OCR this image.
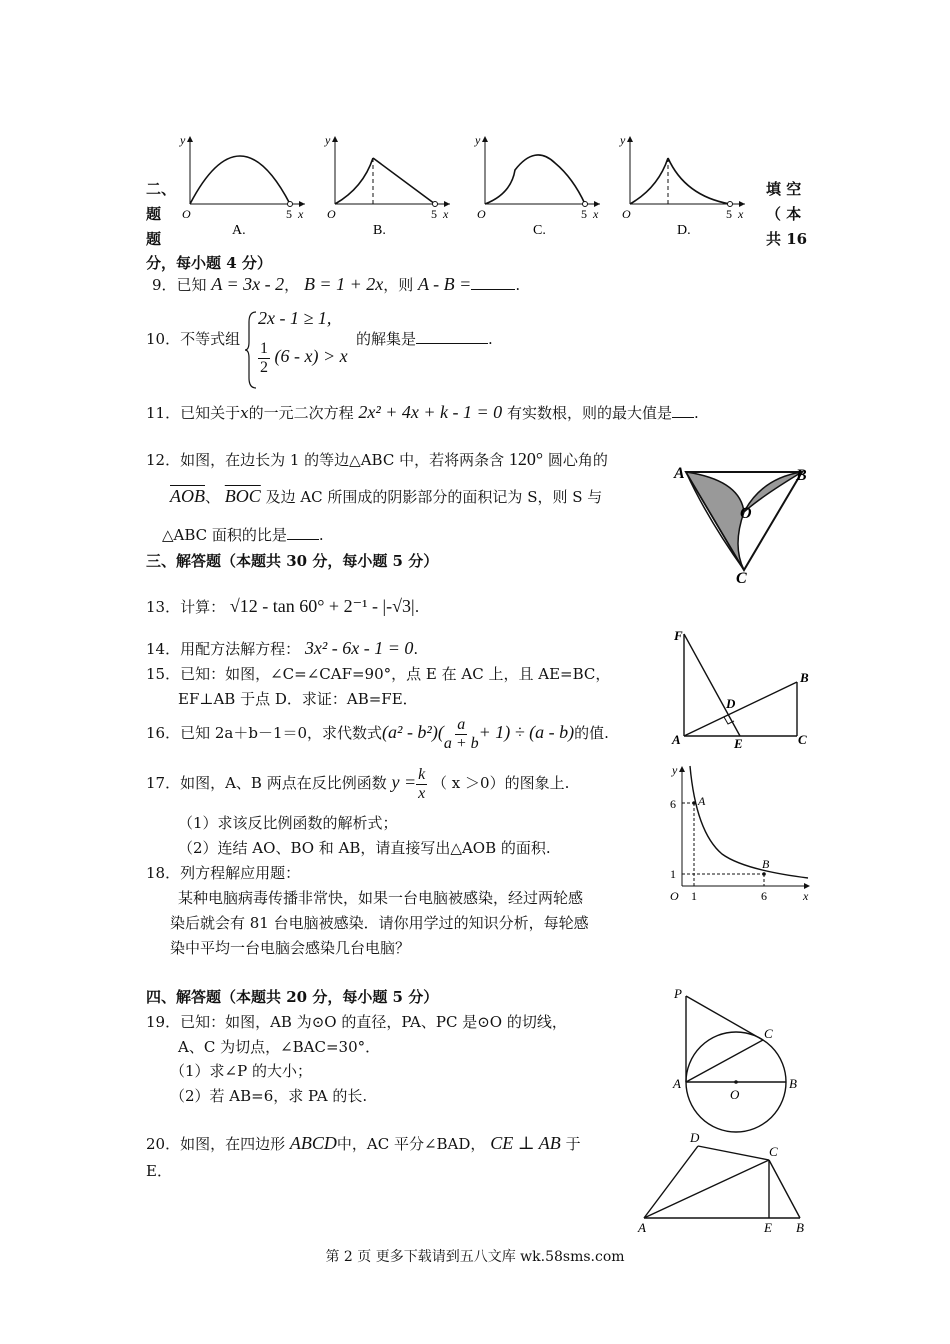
O	5 x
y
A.
O	5 x
y
B.
O	5 x
y
C.
O	5 x
y
D.
二、
题
题
填 空
（ 本
共 16
分，每小题 4 分）
9．已知 A = 3x - 2， B = 1 + 2x，则 A - B =	.
10．不等式组
2x - 1 ≥ 1,
$\frac{1}{2} (6 - x) > x$
的解集是	.
11．已知关于x的一元二次方程 2x² + 4x + k - 1 = 0 有实数根，则的最大值是 .
12．如图，在边长为 1 的等边△ABC 中，若将两条含 120° 圆心角的
$\overline{AOB}$、 $\overline{BOC}$ 及边 AC 所围成的阴影部分的面积记为 S，则 S 与
△ABC 面积的比是 .
A	B
C
O
三、解答题（本题共 30 分，每小题 5 分）
13．计算： √12 - tan 60° + 2⁻¹ - |-√3|.
14．用配方法解方程： 3x² - 6x - 1 = 0.
15．已知：如图，∠C=∠CAF=90°，点 E 在 AC 上，且 AE=BC，
EF⊥AB 于点 D．求证：AB=FE．
F
D
B
A	E	C
16．已知 2a＋b－1＝0，求代数式$(a^2 - b^2)( \frac{a}{a + b} + 1) \div (a - b)$的值.
17．如图，A、B 两点在反比例函数 $y = \frac{k}{x}$ （ x ＞0）的图象上.
（1）求该反比例函数的解析式；
（2）连结 AO、BO 和 AB，请直接写出△AOB 的面积.
y
x
O
A
B
6
1
1	6
18．列方程解应用题：
某种电脑病毒传播非常快，如果一台电脑被感染，经过两轮感
染后就会有 81 台电脑被感染．请你用学过的知识分析，每轮感
染中平均一台电脑会感染几台电脑？
四、解答题（本题共 20 分，每小题 5 分）
19．已知：如图，AB 为⊙O 的直径，PA、PC 是⊙O 的切线，
A、C 为切点，∠BAC=30°．
（1）求∠P 的大小；
（2）若 AB=6，求 PA 的长.
P
C
A
O
B
20．如图，在四边形 ABCD中，AC 平分∠BAD， CE ⊥ AB 于
E．
D
C
A	E B
第 2 页 更多下载请到五八文库 wk.58sms.com
